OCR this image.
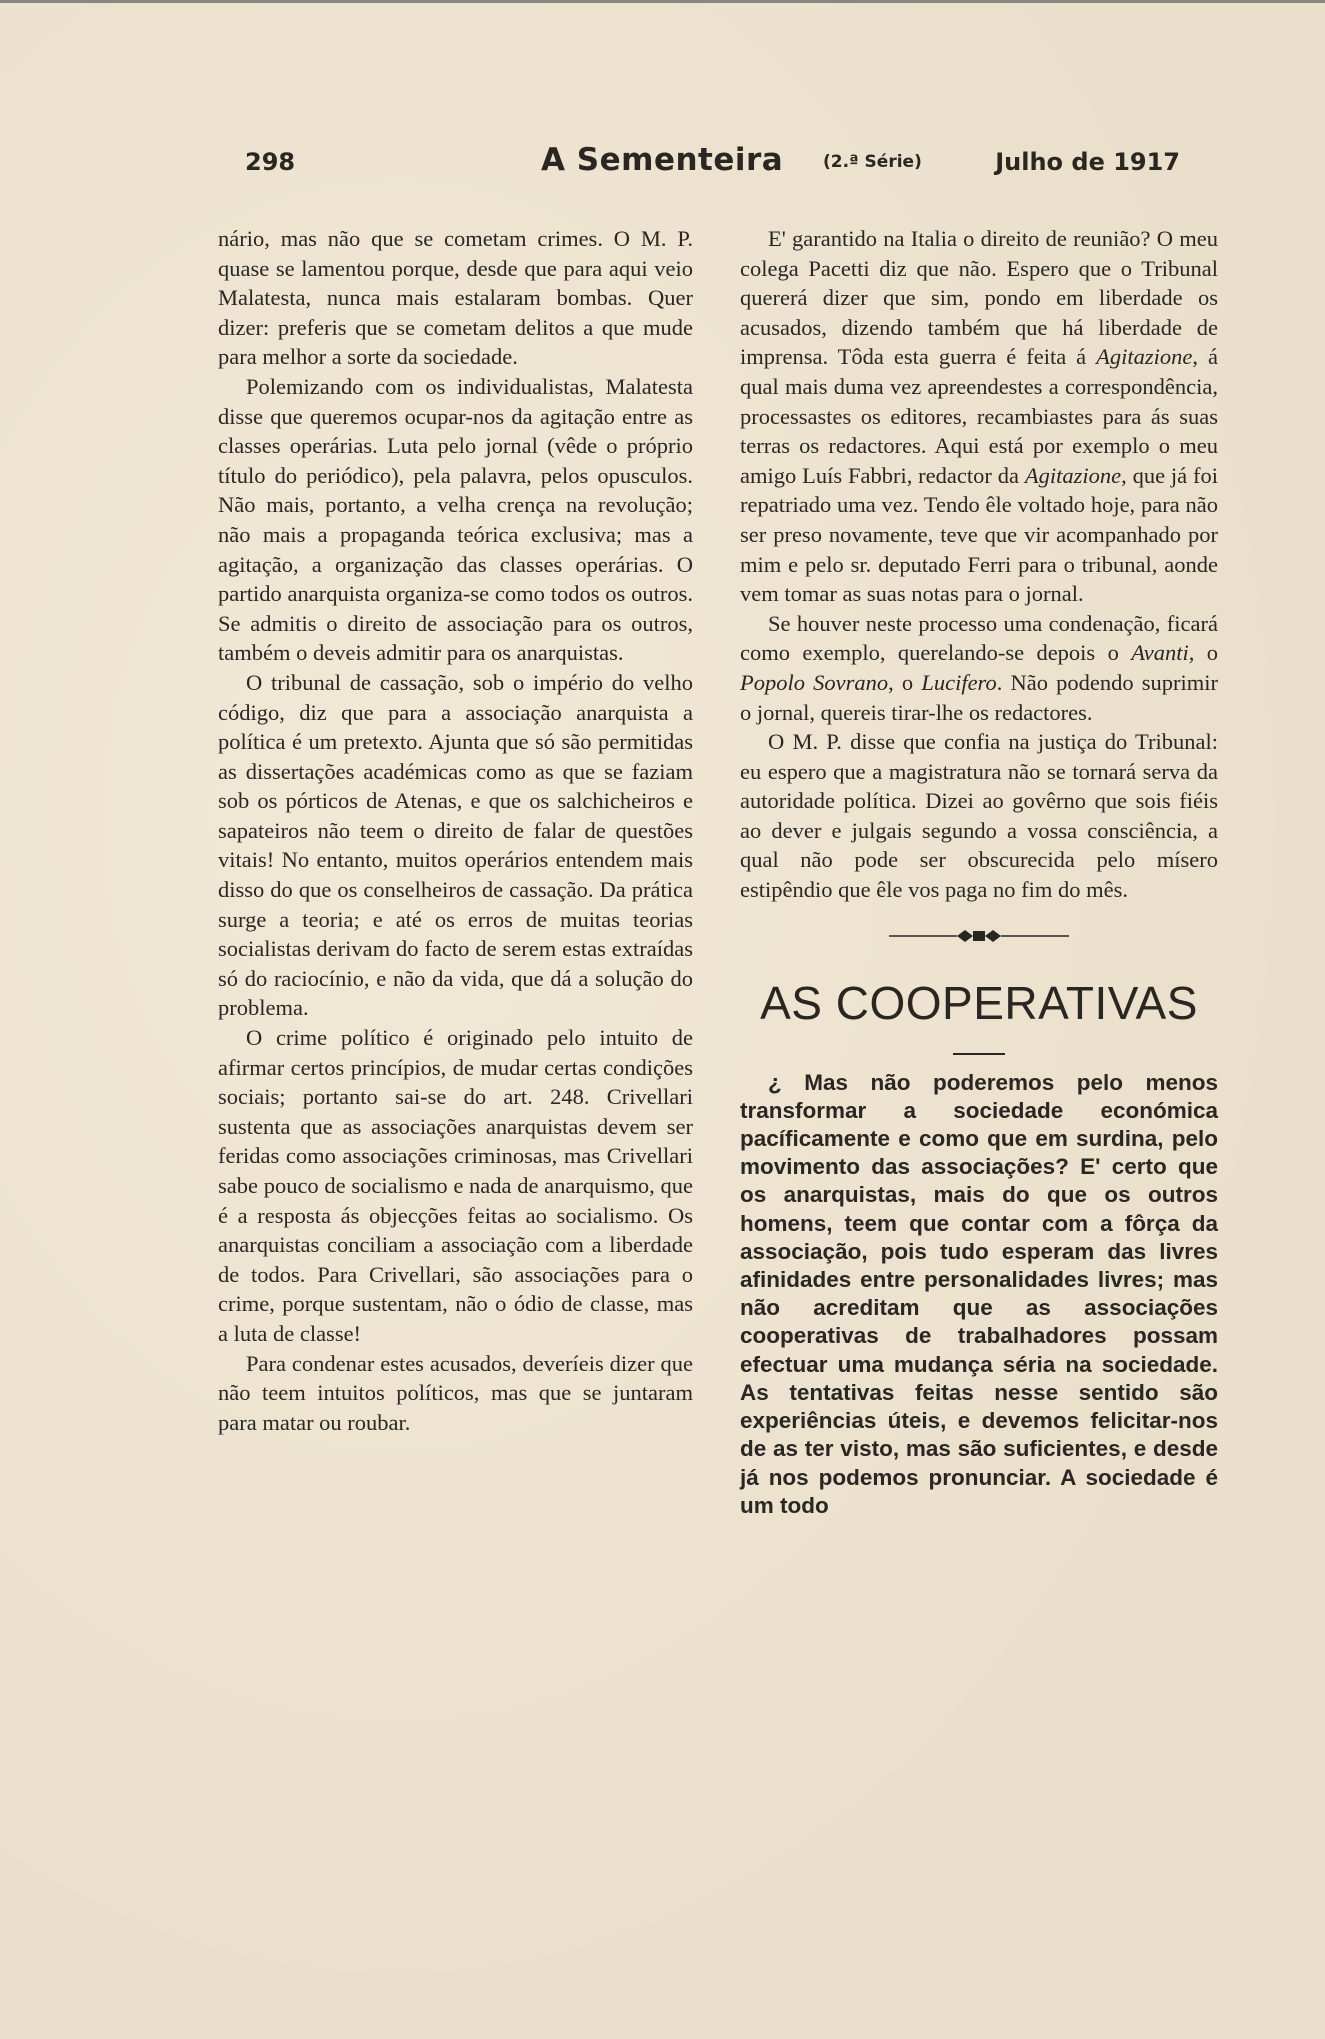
298	A Sementeira (2.ª Série)	Julho de 1917

nário, mas não que se cometam crimes. O M. P. quase se lamentou porque, desde que para aqui veio Malatesta, nunca mais estalaram bombas. Quer dizer: preferis que se cometam delitos a que mude para melhor a sorte da sociedade.

Polemizando com os individualistas, Malatesta disse que queremos ocupar-nos da agitação entre as classes operárias. Luta pelo jornal (vêde o próprio título do periódico), pela palavra, pelos opusculos. Não mais, portanto, a velha crença na revolução; não mais a propaganda teórica exclusiva; mas a agitação, a organização das classes operárias. O partido anarquista organiza-se como todos os outros. Se admitis o direito de associação para os outros, também o deveis admitir para os anarquistas.

O tribunal de cassação, sob o império do velho código, diz que para a associação anarquista a política é um pretexto. Ajunta que só são permitidas as dissertações académicas como as que se faziam sob os pórticos de Atenas, e que os salchicheiros e sapateiros não teem o direito de falar de questões vitais! No entanto, muitos operários entendem mais disso do que os conselheiros de cassação. Da prática surge a teoria; e até os erros de muitas teorias socialistas derivam do facto de serem estas extraídas só do raciocínio, e não da vida, que dá a solução do problema.

O crime político é originado pelo intuito de afirmar certos princípios, de mudar certas condições sociais; portanto sai-se do art. 248. Crivellari sustenta que as associações anarquistas devem ser feridas como associações criminosas, mas Crivellari sabe pouco de socialismo e nada de anarquismo, que é a resposta ás objecções feitas ao socialismo. Os anarquistas conciliam a associação com a liberdade de todos. Para Crivellari, são associações para o crime, porque sustentam, não o ódio de classe, mas a luta de classe!

Para condenar estes acusados, deveríeis dizer que não teem intuitos políticos, mas que se juntaram para matar ou roubar.

E' garantido na Italia o direito de reunião? O meu colega Pacetti diz que não. Espero que o Tribunal quererá dizer que sim, pondo em liberdade os acusados, dizendo também que há liberdade de imprensa. Tôda esta guerra é feita á Agitazione, á qual mais duma vez apreendestes a correspondência, processastes os editores, recambiastes para ás suas terras os redactores. Aqui está por exemplo o meu amigo Luís Fabbri, redactor da Agitazione, que já foi repatriado uma vez. Tendo êle voltado hoje, para não ser preso novamente, teve que vir acompanhado por mim e pelo sr. deputado Ferri para o tribunal, aonde vem tomar as suas notas para o jornal.

Se houver neste processo uma condenação, ficará como exemplo, querelando-se depois o Avanti, o Popolo Sovrano, o Lucifero. Não podendo suprimir o jornal, quereis tirar-lhe os redactores.

O M. P. disse que confia na justiça do Tribunal: eu espero que a magistratura não se tornará serva da autoridade política. Dizei ao govêrno que sois fiéis ao dever e julgais segundo a vossa consciência, a qual não pode ser obscurecida pelo mísero estipêndio que êle vos paga no fim do mês.

AS COOPERATIVAS

¿ Mas não poderemos pelo menos transformar a sociedade económica pacíficamente e como que em surdina, pelo movimento das associações? E' certo que os anarquistas, mais do que os outros homens, teem que contar com a fôrça da associação, pois tudo esperam das livres afinidades entre personalidades livres; mas não acreditam que as associações cooperativas de trabalhadores possam efectuar uma mudança séria na sociedade. As tentativas feitas nesse sentido são experiências úteis, e devemos felicitar-nos de as ter visto, mas são suficientes, e desde já nos podemos pronunciar. A sociedade é um todo
